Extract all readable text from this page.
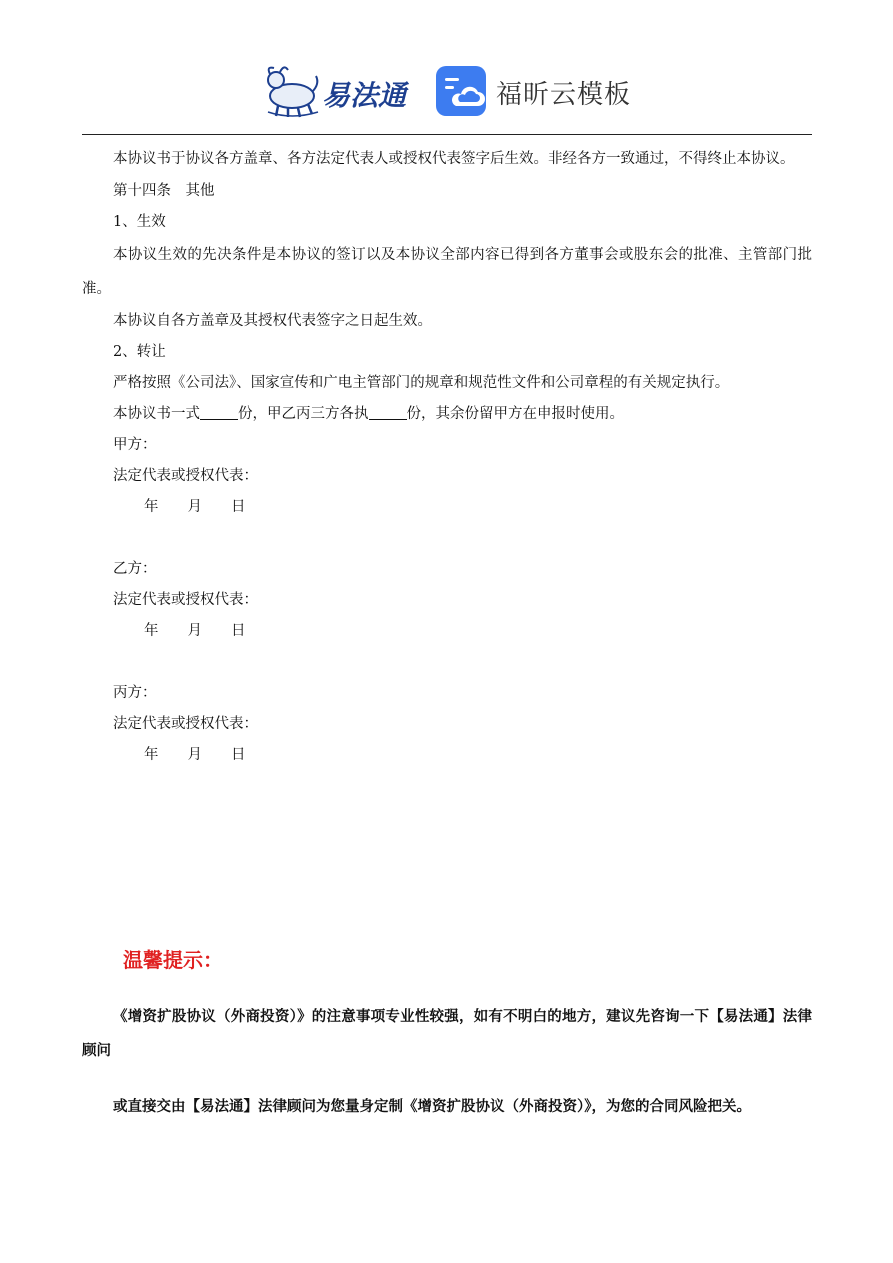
易法通	福昕云模板

本协议书于协议各方盖章、各方法定代表人或授权代表签字后生效。非经各方一致通过，不得终止本协议。

第十四条　其他

1、生效

本协议生效的先决条件是本协议的签订以及本协议全部内容已得到各方董事会或股东会的批准、主管部门批准。

本协议自各方盖章及其授权代表签字之日起生效。

2、转让

严格按照《公司法》、国家宣传和广电主管部门的规章和规范性文件和公司章程的有关规定执行。

本协议书一式	份，甲乙丙三方各执	份，其余份留甲方在申报时使用。

甲方：

法定代表或授权代表：

年　　月　　日

乙方：

法定代表或授权代表：

年　　月　　日

丙方：

法定代表或授权代表：

年　　月　　日

温馨提示：

《增资扩股协议（外商投资）》的注意事项专业性较强，如有不明白的地方，建议先咨询一下【易法通】法律顾问

或直接交由【易法通】法律顾问为您量身定制《增资扩股协议（外商投资）》，为您的合同风险把关。
